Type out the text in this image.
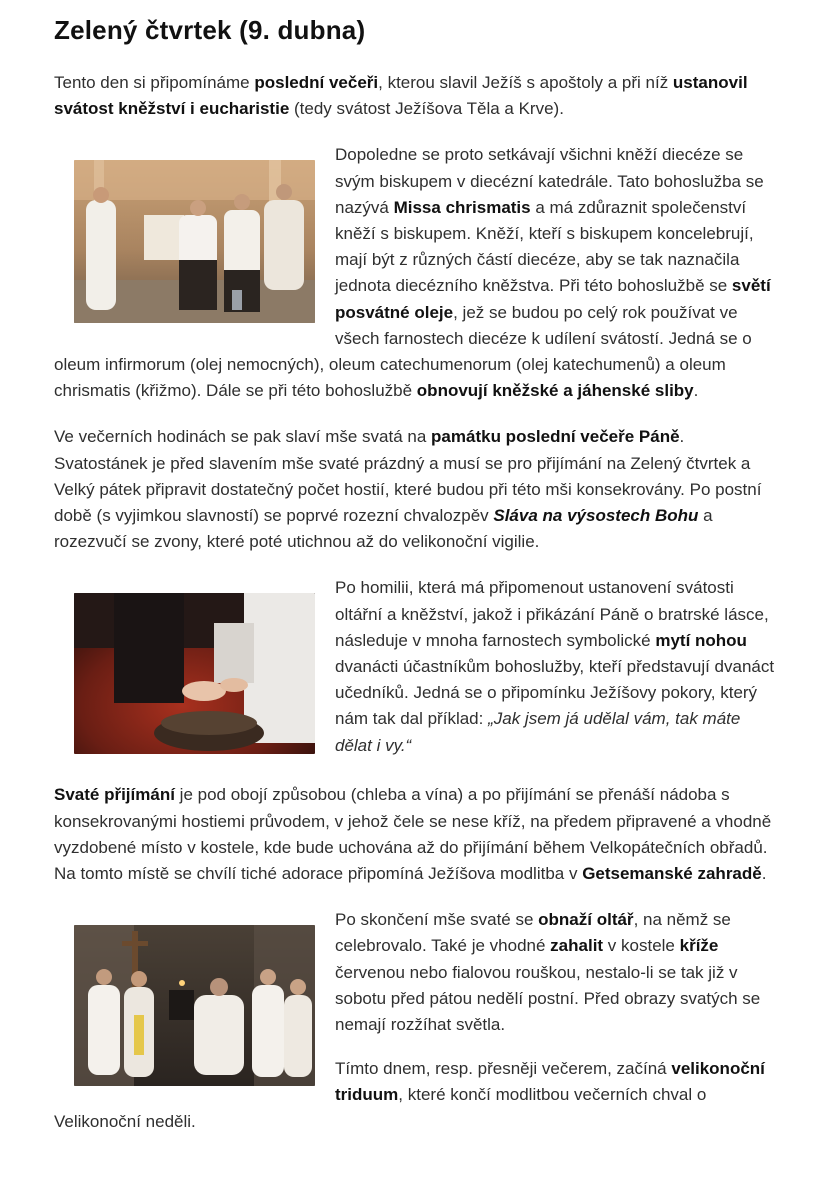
Zelený čtvrtek (9. dubna)

Tento den si připomínáme poslední večeři, kterou slavil Ježíš s apoštoly a při níž ustanovil svátost kněžství i eucharistie (tedy svátost Ježíšova Těla a Krve).

Dopoledne se proto setkávají všichni kněží diecéze se svým biskupem v diecézní katedrále. Tato bohoslužba se nazývá Missa chrismatis a má zdůraznit společenství kněží s biskupem. Kněží, kteří s biskupem koncelebrují, mají být z různých částí diecéze, aby se tak naznačila jednota diecézního kněžstva. Při této bohoslužbě se světí posvátné oleje, jež se budou po celý rok používat ve všech farnostech diecéze k udílení svátostí. Jedná se o oleum infirmorum (olej nemocných), oleum catechumenorum (olej katechumenů) a oleum chrismatis (křižmo). Dále se při této bohoslužbě obnovují kněžské a jáhenské sliby.

Ve večerních hodinách se pak slaví mše svatá na památku poslední večeře Páně. Svatostánek je před slavením mše svaté prázdný a musí se pro přijímání na Zelený čtvrtek a Velký pátek připravit dostatečný počet hostií, které budou při této mši konsekrovány. Po postní době (s vyjimkou slavností) se poprvé rozezní chvalozpěv Sláva na výsostech Bohu a rozezvučí se zvony, které poté utichnou až do velikonoční vigilie.

Po homilii, která má připomenout ustanovení svátosti oltářní a kněžství, jakož i přikázání Páně o bratrské lásce, následuje v mnoha farnostech symbolické mytí nohou dvanácti účastníkům bohoslužby, kteří představují dvanáct učedníků. Jedná se o připomínku Ježíšovy pokory, který nám tak dal příklad: „Jak jsem já udělal vám, tak máte dělat i vy.“

Svaté přijímání je pod obojí způsobou (chleba a vína) a po přijímání se přenáší nádoba s konsekrovanými hostiemi průvodem, v jehož čele se nese kříž, na předem připravené a vhodně vyzdobené místo v kostele, kde bude uchována až do přijímání během Velkopátečních obřadů. Na tomto místě se chvílí tiché adorace připomíná Ježíšova modlitba v Getsemanské zahradě.

Po skončení mše svaté se obnaží oltář, na němž se celebrovalo. Také je vhodné zahalit v kostele kříže červenou nebo fialovou rouškou, nestalo-li se tak již v sobotu před pátou nedělí postní. Před obrazy svatých se nemají rozžíhat světla.

Tímto dnem, resp. přesněji večerem, začíná velikonoční triduum, které končí modlitbou večerních chval o Velikonoční neděli.
